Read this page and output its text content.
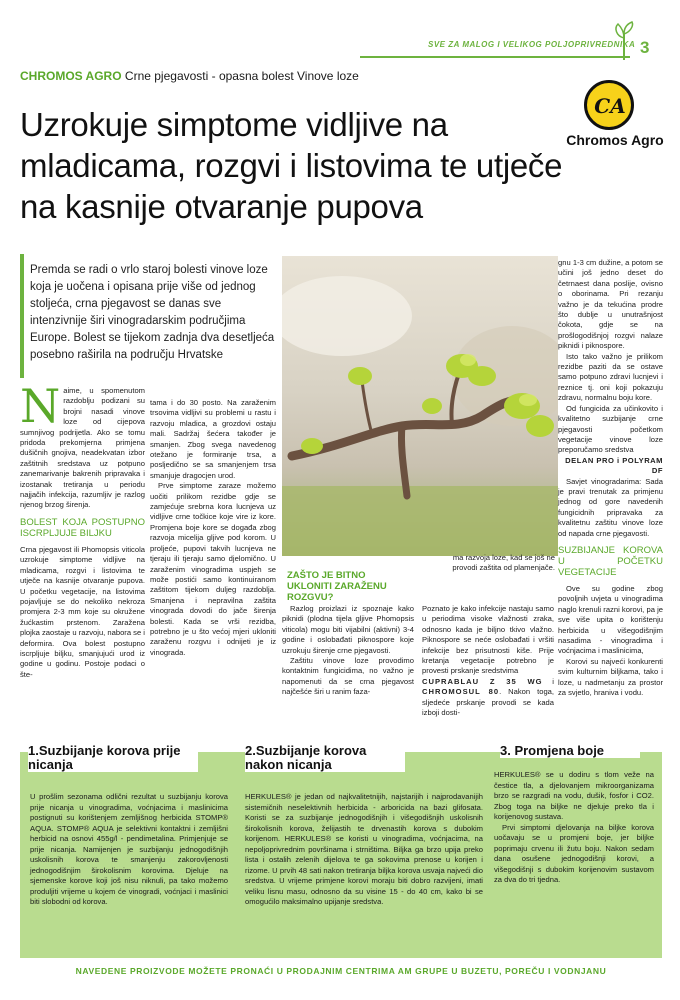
SVE ZA MALOG I VELIKOG POLJOPRIVREDNIKA 3
CHROMOS AGRO Crne pjegavosti - opasna bolest Vinove loze
Uzrokuje simptome vidljive na mladicama, rozgvi i listovima te utječe na kasnije otvaranje pupova
CA
Chromos Agro

Premda se radi o vrlo staroj bolesti vinove loze koja je uočena i opisana prije više od jednog stoljeća, crna pjegavost se danas sve intenzivnije širi vinogradarskim područjima Europe. Bolest se tijekom zadnja dva desetljeća posebno raširila na području Hrvatske

N aime, u spomenutom razdoblju podizani su brojni nasadi vinove loze od cijepova sumnjivog podrijetla. Ako se tomu pridoda prekomjerna primjena dušičnih gnojiva, neadekvatan izbor zaštitnih sredstava uz potpuno zanemarivanje bakrenih pripravaka i izostanak tretiranja u periodu najjačih infekcija, razumljiv je razlog njenog brzog širenja.
BOLEST KOJA POSTUPNO ISCRPLJUJE BILJKU

Crna pjegavost ili Phomopsis viticola uzrokuje simptome vidljive na mladicama, rozgvi i listovima te utječe na kasnije otvaranje pupova. U početku vegetacije, na listovima pojavljuje se do nekoliko nekroza promjera 2-3 mm koje su okružene žućkastim prstenom. Zaražena plojka zaostaje u razvoju, nabora se i deformira. Ova bolest postupno iscrpljuje biljku, smanjujući urod iz godine u godinu. Postoje podaci o šte-

tama i do 30 posto. Na zaraženim trsovima vidljivi su problemi u rastu i razvoju mladica, a grozdovi ostaju mali. Sadržaj šećera također je smanjen. Zbog svega navedenog otežano je formiranje trsa, a posljedično se sa smanjenjem trsa smanjuje dragocjen urod.

Prve simptome zaraze možemo uočiti prilikom rezidbe gdje se zamjećuje srebrna kora lucnjeva uz vidljive crne točkice koje vire iz kore. Promjena boje kore se događa zbog razvoja micelija gljive pod korom. U proljeće, pupovi takvih lucnjeva ne tjeraju ili tjeraju samo djelomično. U zaraženim vinogradima uspjeh se može postići samo kontinuiranom zaštitom tijekom duljeg razdoblja. Smanjena i nepravilna zaštita vinograda dovodi do jače širenja bolesti. Kada se vrši rezidba, potrebno je u što većoj mjeri ukloniti zaraženu rozgvu i odnijeti je iz vinograda.

ZAŠTO JE BITNO UKLONITI ZARAŽENU ROZGVU?

ma razvoja loze, kad se još ne provodi zaštita od plamenjače.

Razlog proizlazi iz spoznaje kako piknidi (plodna tijela gljive Phomopsis viticola) mogu biti vijabilni (aktivni) 3-4 godine i oslobađati piknospore koje uzrokuju širenje crne pjegavosti.

Zaštitu vinove loze provodimo kontaktnim fungicidima, no važno je napomenuti da se crna pjegavost najčešće širi u ranim faza-

Poznato je kako infekcije nastaju samo u periodima visoke vlažnosti zraka, odnosno kada je biljno tkivo vlažno. Piknospore se neće oslobađati i vršiti infekcije bez prisutnosti kiše. Prije kretanja vegetacije potrebno je provesti prskanje sredstvima

CUPRABLAU Z 35 WG i CHROMOSUL 80. Nakon toga, sljedeće prskanje provodi se kada izboji dosti-

gnu 1-3 cm dužine, a potom se učini još jedno deset do četrnaest dana poslije, ovisno o oborinama. Pri rezanju važno je da tekućina prodre što dublje u unutrašnjost čokota, gdje se na prošlogodišnjoj rozgvi nalaze piknidi i piknospore.

Isto tako važno je prilikom rezidbe paziti da se ostave samo potpuno zdravi lucnjevi i reznice tj. oni koji pokazuju zdravu, normalnu boju kore.

Od fungicida za učinkovito i kvalitetno suzbijanje crne pjegavosti početkom vegetacije vinove loze preporučamo sredstva

DELAN PRO i POLYRAM DF

Savjet vinogradarima: Sada je pravi trenutak za primjenu jednog od gore navedenih fungicidnih pripravaka za kvalitetnu zaštitu vinove loze od napada crne pjegavosti.

SUZBIJANJE KOROVA U POČETKU VEGETACIJE

Ove su godine zbog povoljnih uvjeta u vinogradima naglo krenuli razni korovi, pa je sve više upita o korištenju herbicida u višegodišnjim nasadima - vinogradima i voćnjacima i maslinicima,

Korovi su najveći konkurenti svim kulturnim biljkama, tako i loze, u nadmetanju za prostor za svjetlo, hraniva i vodu.

1.Suzbijanje korova prije nicanja
2.Suzbijanje korova nakon nicanja
3. Promjena boje

U prošlim sezonama odlični rezultat u suzbijanju korova prije nicanja u vinogradima, voćnjacima i maslinicima postignuti su korištenjem zemljišnog herbicida STOMP® AQUA. STOMP® AQUA je selektivni kontaktni i zemljišni herbicid na osnovi 455g/l - pendimetalina. Primjenjuje se prije nicanja. Namijenjen je suzbijanju jednogodišnjih uskolisnih korova te smanjenju zakorovljenosti jednogodišnjim širokolisnim korovima. Djeluje na sjemenske korove koji još nisu niknuli, pa tako možemo produljiti vrijeme u kojem će vinogradi, voćnjaci i maslinici biti slobodni od korova.

HERKULES® je jedan od najkvalitetnijih, najstarijih i najprodavanijih sistemičnih neselektivnih herbicida - arboricida na bazi glifosata. Koristi se za suzbijanje jednogodišnjih i višegodišnjih uskolisnih širokolisnih korova, želijastih te drvenastih korova s dubokim korijenom. HERKULES® se koristi u vinogradima, voćnjacima, na nepoljoprivrednim površinama i strništima. Biljka ga brzo upija preko lista i ostalih zelenih dijelova te ga sokovima prenose u korijen i rizome. U prvih 48 sati nakon tretiranja biljka korova usvaja najveći dio sredstva. U vrijeme primjene korovi moraju biti dobro razvijeni, imati veliku lisnu masu, odnosno da su visine 15 - do 40 cm, kako bi se omogućilo maksimalno upijanje sredstva.

HERKULES® se u dodiru s tlom veže na čestice tla, a djelovanjem mikroorganizama brzo se razgradi na vodu, dušik, fosfor i CO2. Zbog toga na biljke ne djeluje preko tla i korijenovog sustava.

Prvi simptomi djelovanja na biljke korova uočavaju se u promjeni boje, jer biljke poprimaju crvenu ili žutu boju. Nakon sedam dana osušene jednogodišnji korovi, a višegodišnji s dubokim korijenovim sustavom za dva do tri tjedna.

NAVEDENE PROIZVODE MOŽETE PRONAĆI U PRODAJNIM CENTRIMA AM GRUPE U BUZETU, POREČU I VODNJANU
